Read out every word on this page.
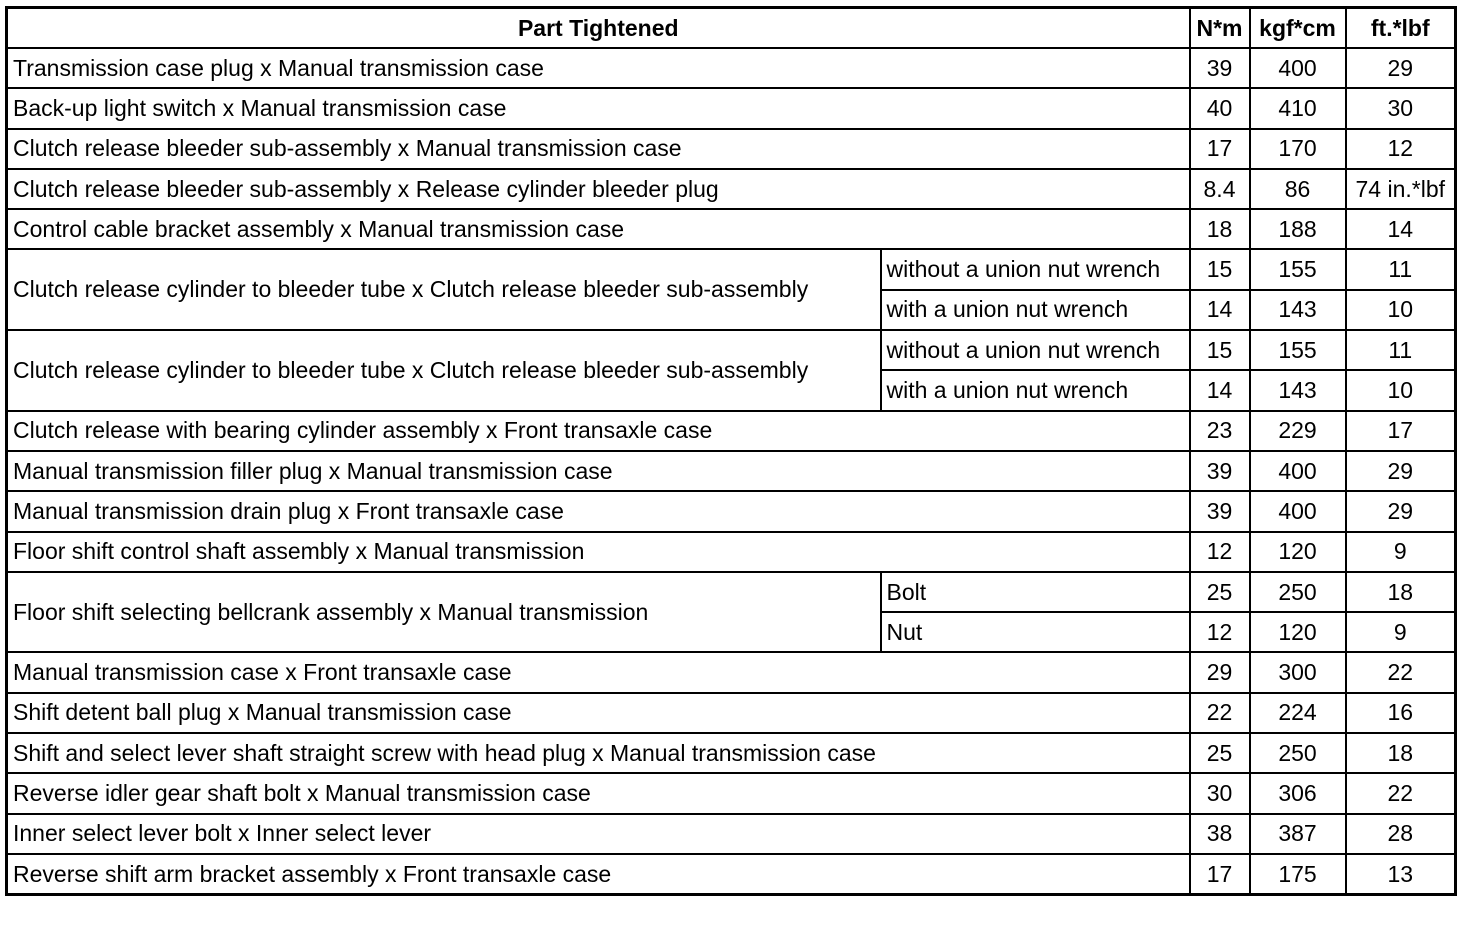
Part Tightened		N*m	kgf*cm	ft.*lbf
Transmission case plug x Manual transmission case		39	400	29
Back-up light switch x Manual transmission case		40	410	30
Clutch release bleeder sub-assembly x Manual transmission case		17	170	12
Clutch release bleeder sub-assembly x Release cylinder bleeder plug		8.4	86	74 in.*lbf
Control cable bracket assembly x Manual transmission case		18	188	14
Clutch release cylinder to bleeder tube x Clutch release bleeder sub-assembly	without a union nut wrench	15	155	11
	with a union nut wrench	14	143	10
Clutch release cylinder to bleeder tube x Clutch release bleeder sub-assembly	without a union nut wrench	15	155	11
	with a union nut wrench	14	143	10
Clutch release with bearing cylinder assembly x Front transaxle case		23	229	17
Manual transmission filler plug x Manual transmission case		39	400	29
Manual transmission drain plug x Front transaxle case		39	400	29
Floor shift control shaft assembly x Manual transmission		12	120	9
Floor shift selecting bellcrank assembly x Manual transmission	Bolt	25	250	18
	Nut	12	120	9
Manual transmission case x Front transaxle case		29	300	22
Shift detent ball plug x Manual transmission case		22	224	16
Shift and select lever shaft straight screw with head plug x Manual transmission case		25	250	18
Reverse idler gear shaft bolt x Manual transmission case		30	306	22
Inner select lever bolt x Inner select lever		38	387	28
Reverse shift arm bracket assembly x Front transaxle case		17	175	13
